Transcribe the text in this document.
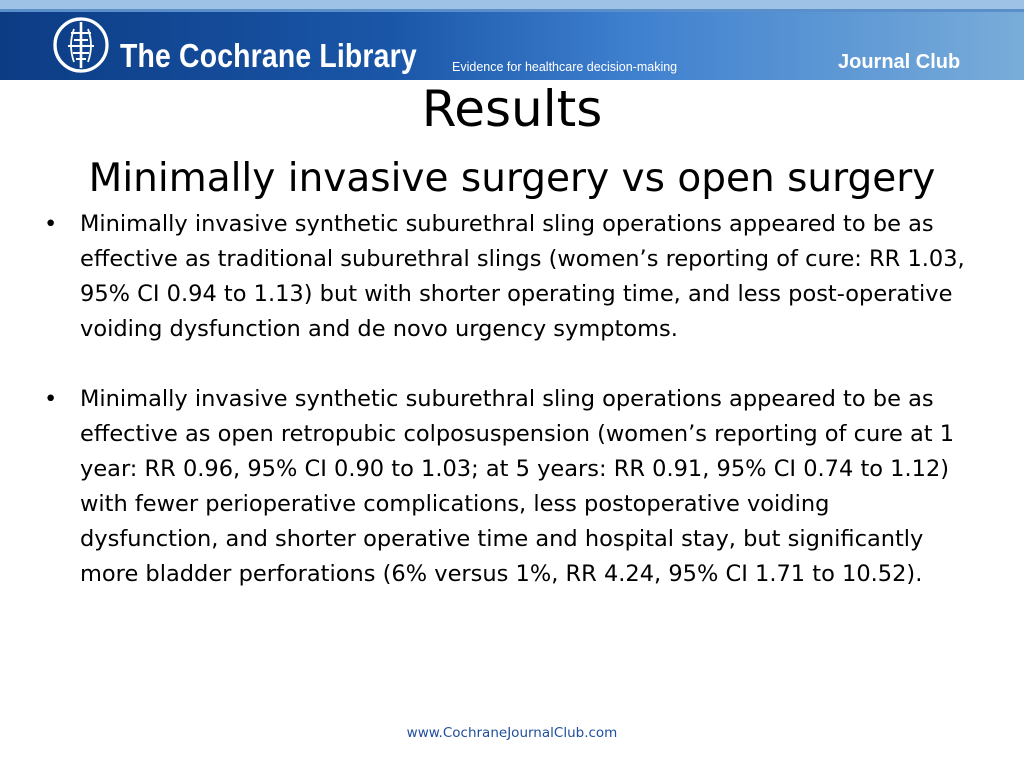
The Cochrane Library	Evidence for healthcare decision-making	Journal Club
Results
Minimally invasive surgery vs open surgery
• Minimally invasive synthetic suburethral sling operations appeared to be as effective as traditional suburethral slings (women’s reporting of cure: RR 1.03, 95% CI 0.94 to 1.13) but with shorter operating time, and less post-operative voiding dysfunction and de novo urgency symptoms.
• Minimally invasive synthetic suburethral sling operations appeared to be as effective as open retropubic colposuspension (women’s reporting of cure at 1 year: RR 0.96, 95% CI 0.90 to 1.03; at 5 years: RR 0.91, 95% CI 0.74 to 1.12) with fewer perioperative complications, less postoperative voiding dysfunction, and shorter operative time and hospital stay, but significantly more bladder perforations (6% versus 1%, RR 4.24, 95% CI 1.71 to 10.52).
www.CochraneJournalClub.com
